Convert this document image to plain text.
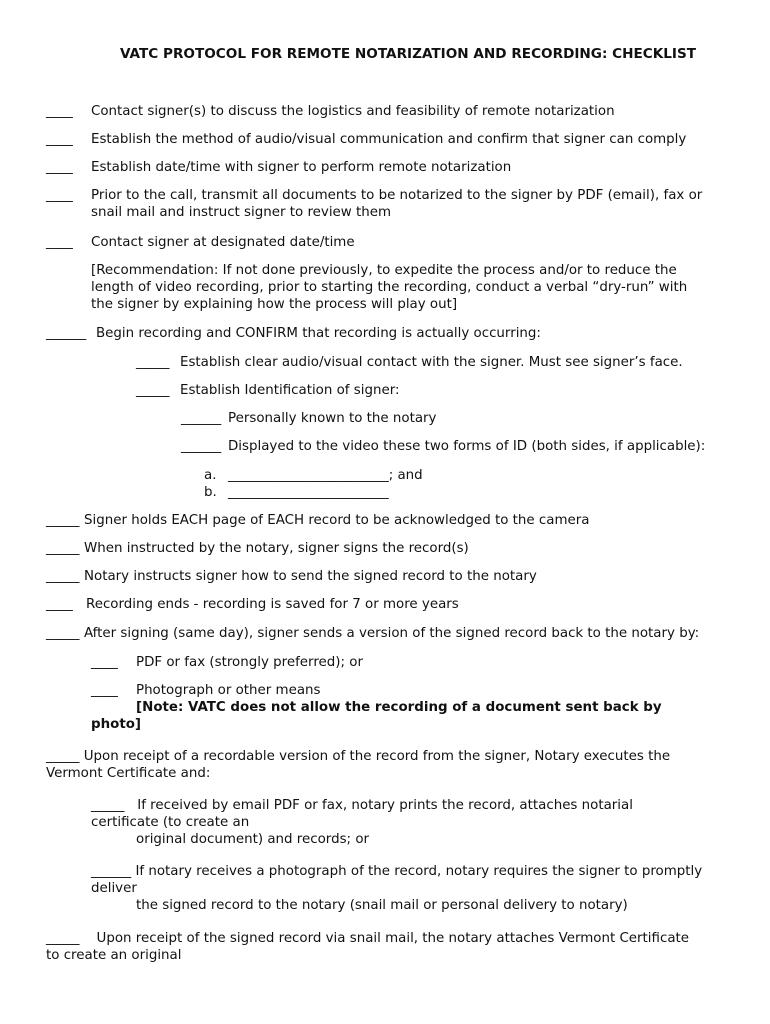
VATC PROTOCOL FOR REMOTE NOTARIZATION AND RECORDING: CHECKLIST
____	Contact signer(s) to discuss the logistics and feasibility of remote notarization
____	Establish the method of audio/visual communication and confirm that signer can comply
____	Establish date/time with signer to perform remote notarization
____	Prior to the call, transmit all documents to be notarized to the signer by PDF (email), fax or
snail mail and instruct signer to review them
____	Contact signer at designated date/time
[Recommendation: If not done previously, to expedite the process and/or to reduce the
length of video recording, prior to starting the recording, conduct a verbal “dry-run” with
the signer by explaining how the process will play out]
______ Begin recording and CONFIRM that recording is actually occurring:
_____ Establish clear audio/visual contact with the signer. Must see signer’s face.
_____ Establish Identification of signer:
______ Personally known to the notary
______ Displayed to the video these two forms of ID (both sides, if applicable):
a. ________________________ ; and
b. ________________________
_____ Signer holds EACH page of EACH record to be acknowledged to the camera
_____ When instructed by the notary, signer signs the record(s)
_____ Notary instructs signer how to send the signed record to the notary
____ Recording ends - recording is saved for 7 or more years
_____ After signing (same day), signer sends a version of the signed record back to the notary by:
____	PDF or fax (strongly preferred); or
____	Photograph or other means
[Note: VATC does not allow the recording of a document sent back by
photo]
_____ Upon receipt of a recordable version of the record from the signer, Notary executes the
Vermont Certificate and:
_____ If received by email PDF or fax, notary prints the record, attaches notarial
certificate (to create an
original document) and records; or
______ If notary receives a photograph of the record, notary requires the signer to promptly
deliver
the signed record to the notary (snail mail or personal delivery to notary)
_____ Upon receipt of the signed record via snail mail, the notary attaches Vermont Certificate
to create an original
